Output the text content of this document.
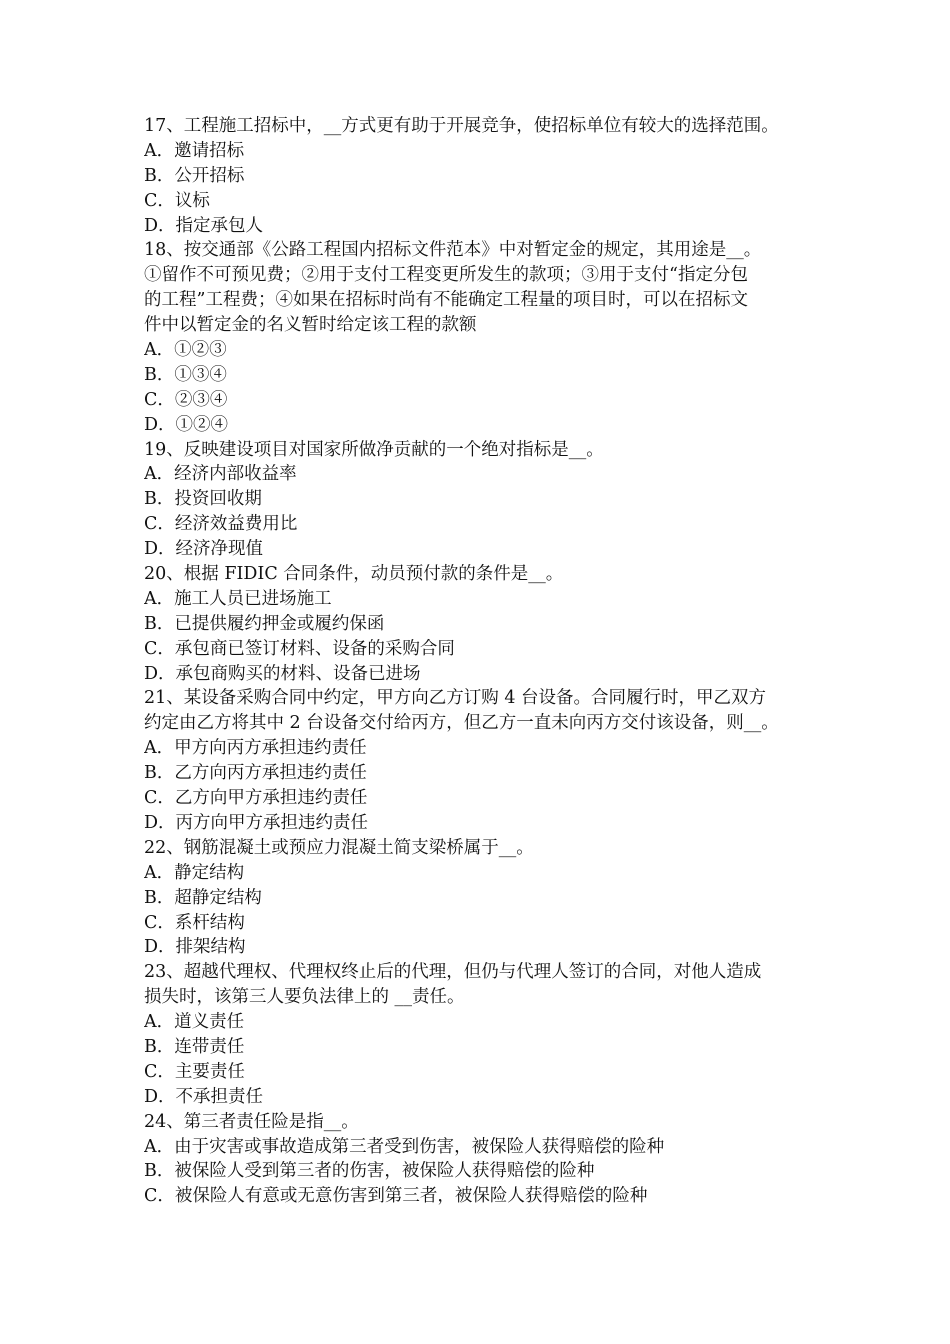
17、工程施工招标中，__方式更有助于开展竞争，使招标单位有较大的选择范围。
A．邀请招标
B．公开招标
C．议标
D．指定承包人
18、按交通部《公路工程国内招标文件范本》中对暂定金的规定，其用途是__。
①留作不可预见费；②用于支付工程变更所发生的款项；③用于支付“指定分包
的工程”工程费；④如果在招标时尚有不能确定工程量的项目时，可以在招标文
件中以暂定金的名义暂时给定该工程的款额
A．①②③
B．①③④
C．②③④
D．①②④
19、反映建设项目对国家所做净贡献的一个绝对指标是__。
A．经济内部收益率
B．投资回收期
C．经济效益费用比
D．经济净现值
20、根据 FIDIC 合同条件，动员预付款的条件是__。
A．施工人员已进场施工
B．已提供履约押金或履约保函
C．承包商已签订材料、设备的采购合同
D．承包商购买的材料、设备已进场
21、某设备采购合同中约定，甲方向乙方订购 4 台设备。合同履行时，甲乙双方
约定由乙方将其中 2 台设备交付给丙方，但乙方一直未向丙方交付该设备，则__。
A．甲方向丙方承担违约责任
B．乙方向丙方承担违约责任
C．乙方向甲方承担违约责任
D．丙方向甲方承担违约责任
22、钢筋混凝土或预应力混凝土简支梁桥属于__。
A．静定结构
B．超静定结构
C．系杆结构
D．排架结构
23、超越代理权、代理权终止后的代理，但仍与代理人签订的合同，对他人造成
损失时，该第三人要负法律上的 __责任。
A．道义责任
B．连带责任
C．主要责任
D．不承担责任
24、第三者责任险是指__。
A．由于灾害或事故造成第三者受到伤害，被保险人获得赔偿的险种
B．被保险人受到第三者的伤害，被保险人获得赔偿的险种
C．被保险人有意或无意伤害到第三者，被保险人获得赔偿的险种
